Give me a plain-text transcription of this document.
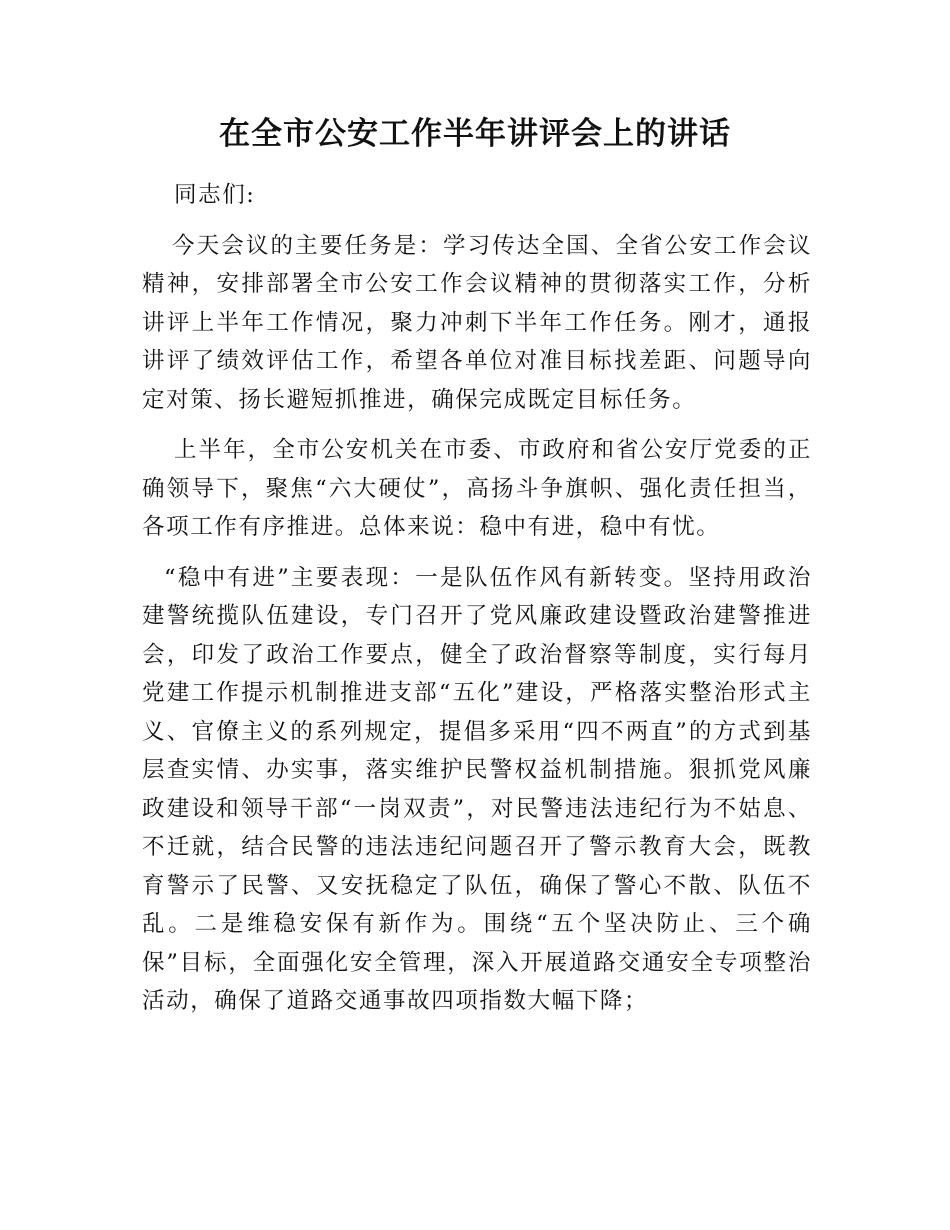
在全市公安工作半年讲评会上的讲话

同志们:

今天会议的主要任务是：学习传达全国、全省公安工作会议精神，安排部署全市公安工作会议精神的贯彻落实工作，分析讲评上半年工作情况，聚力冲刺下半年工作任务。刚才，通报讲评了绩效评估工作，希望各单位对准目标找差距、问题导向定对策、扬长避短抓推进，确保完成既定目标任务。

上半年，全市公安机关在市委、市政府和省公安厅党委的正确领导下，聚焦“六大硬仗”，高扬斗争旗帜、强化责任担当，各项工作有序推进。总体来说：稳中有进，稳中有忧。

“稳中有进”主要表现：一是队伍作风有新转变。坚持用政治建警统揽队伍建设，专门召开了党风廉政建设暨政治建警推进会，印发了政治工作要点，健全了政治督察等制度，实行每月党建工作提示机制推进支部“五化”建设，严格落实整治形式主义、官僚主义的系列规定，提倡多采用“四不两直”的方式到基层查实情、办实事，落实维护民警权益机制措施。狠抓党风廉政建设和领导干部“一岗双责”，对民警违法违纪行为不姑息、不迁就，结合民警的违法违纪问题召开了警示教育大会，既教育警示了民警、又安抚稳定了队伍，确保了警心不散、队伍不乱。二是维稳安保有新作为。围绕“五个坚决防止、三个确保”目标，全面强化安全管理，深入开展道路交通安全专项整治活动，确保了道路交通事故四项指数大幅下降；
